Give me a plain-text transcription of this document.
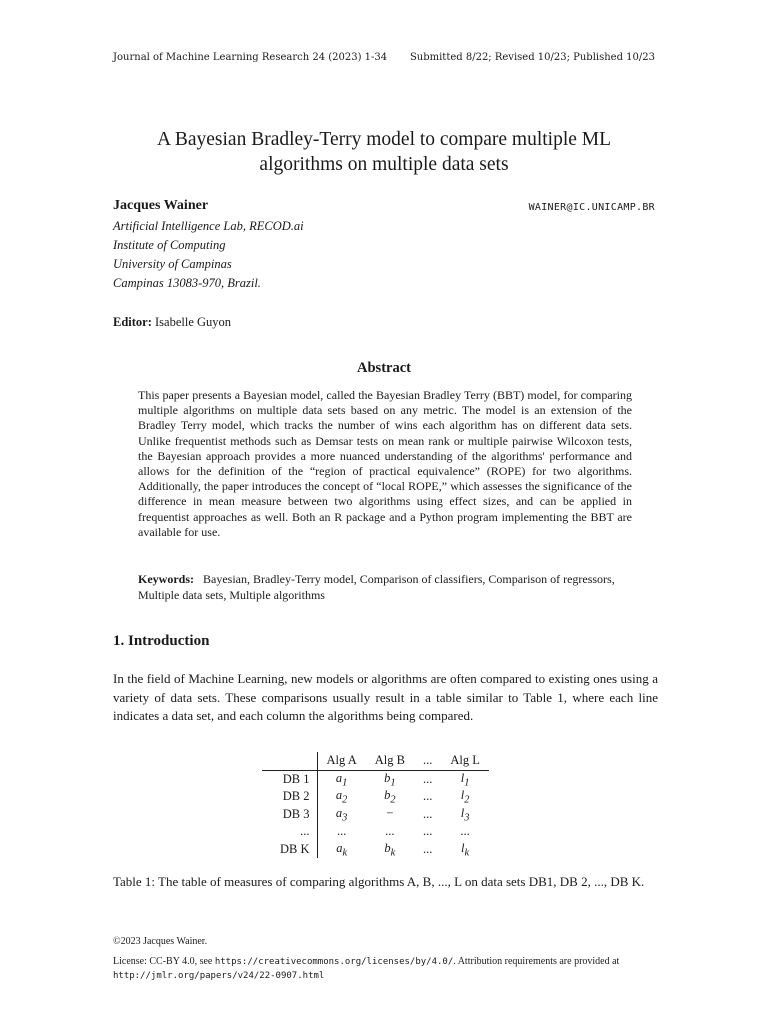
Journal of Machine Learning Research 24 (2023) 1-34 Submitted 8/22; Revised 10/23; Published 10/23
A Bayesian Bradley-Terry model to compare multiple ML
algorithms on multiple data sets
Jacques Wainer	WAINER@IC.UNICAMP.BR
Artificial Intelligence Lab, RECOD.ai
Institute of Computing
University of Campinas
Campinas 13083-970, Brazil.
Editor: Isabelle Guyon
Abstract
This paper presents a Bayesian model, called the Bayesian Bradley Terry (BBT) model, for comparing multiple algorithms on multiple data sets based on any metric. The model is an extension of the Bradley Terry model, which tracks the number of wins each algorithm has on different data sets. Unlike frequentist methods such as Demsar tests on mean rank or multiple pairwise Wilcoxon tests, the Bayesian approach provides a more nuanced understanding of the algorithms' performance and allows for the definition of the “region of practical equivalence” (ROPE) for two algorithms. Additionally, the paper introduces the concept of “local ROPE,” which assesses the significance of the difference in mean measure between two algorithms using effect sizes, and can be applied in frequentist approaches as well. Both an R package and a Python program implementing the BBT are available for use.
Keywords: Bayesian, Bradley-Terry model, Comparison of classifiers, Comparison of regressors, Multiple data sets, Multiple algorithms
1. Introduction
In the field of Machine Learning, new models or algorithms are often compared to existing ones using a variety of data sets. These comparisons usually result in a table similar to Table 1, where each line indicates a data set, and each column the algorithms being compared.
	Alg A	Alg B	...	Alg L
DB 1	$a_1$	$b_1$	...	$l_1$
DB 2	$a_2$	$b_2$	...	$l_2$
DB 3	$a_3$	−	...	$l_3$
...	...	...	...	...
DB K	$a_k$	$b_k$	...	$l_k$
Table 1: The table of measures of comparing algorithms A, B, ..., L on data sets DB1, DB 2, ..., DB K.
©2023 Jacques Wainer.
License: CC-BY 4.0, see https://creativecommons.org/licenses/by/4.0/. Attribution requirements are provided at http://jmlr.org/papers/v24/22-0907.html
